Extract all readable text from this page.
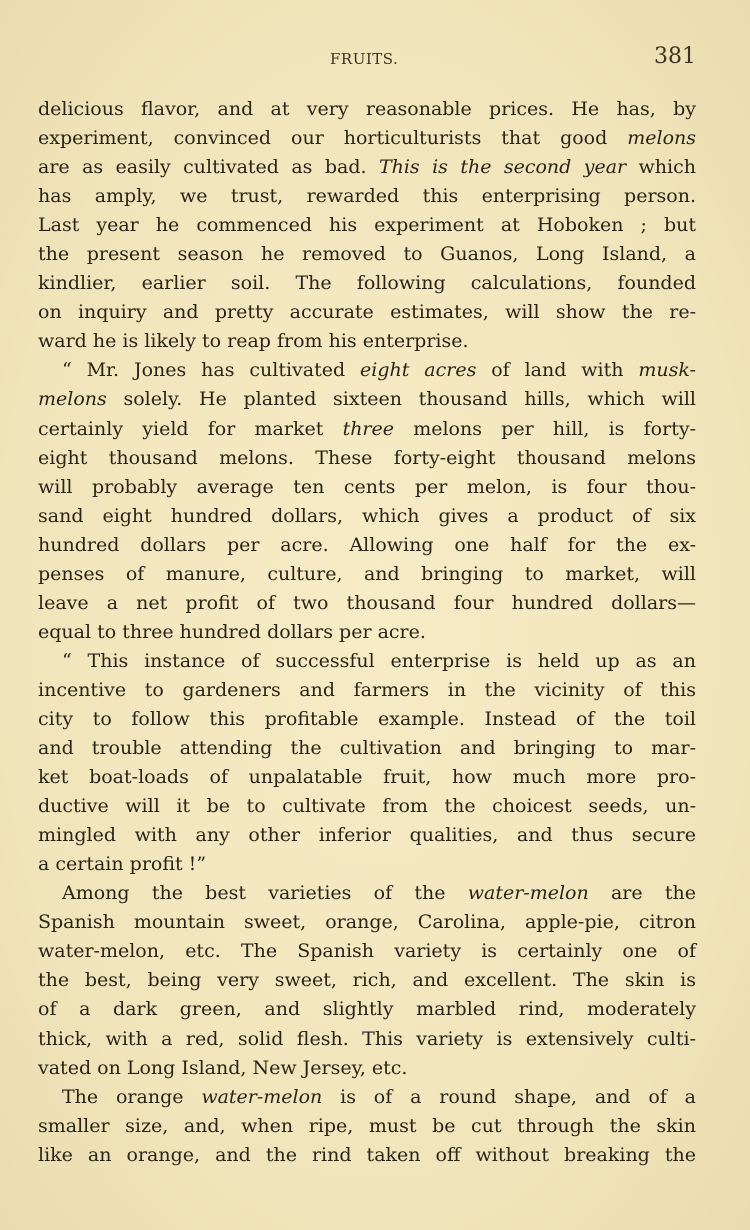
FRUITS.	381
delicious flavor, and at very reasonable prices. He has, by
experiment, convinced our horticulturists that good melons
are as easily cultivated as bad. This is the second year which
has amply, we trust, rewarded this enterprising person.
Last year he commenced his experiment at Hoboken ; but
the present season he removed to Guanos, Long Island, a
kindlier, earlier soil. The following calculations, founded
on inquiry and pretty accurate estimates, will show the re-
ward he is likely to reap from his enterprise.
“ Mr. Jones has cultivated eight acres of land with musk-
melons solely. He planted sixteen thousand hills, which will
certainly yield for market three melons per hill, is forty-
eight thousand melons. These forty-eight thousand melons
will probably average ten cents per melon, is four thou-
sand eight hundred dollars, which gives a product of six
hundred dollars per acre. Allowing one half for the ex-
penses of manure, culture, and bringing to market, will
leave a net profit of two thousand four hundred dollars—
equal to three hundred dollars per acre.
“ This instance of successful enterprise is held up as an
incentive to gardeners and farmers in the vicinity of this
city to follow this profitable example. Instead of the toil
and trouble attending the cultivation and bringing to mar-
ket boat-loads of unpalatable fruit, how much more pro-
ductive will it be to cultivate from the choicest seeds, un-
mingled with any other inferior qualities, and thus secure
a certain profit !”
Among the best varieties of the water-melon are the
Spanish mountain sweet, orange, Carolina, apple-pie, citron
water-melon, etc. The Spanish variety is certainly one of
the best, being very sweet, rich, and excellent. The skin is
of a dark green, and slightly marbled rind, moderately
thick, with a red, solid flesh. This variety is extensively culti-
vated on Long Island, New Jersey, etc.
The orange water-melon is of a round shape, and of a
smaller size, and, when ripe, must be cut through the skin
like an orange, and the rind taken off without breaking the
